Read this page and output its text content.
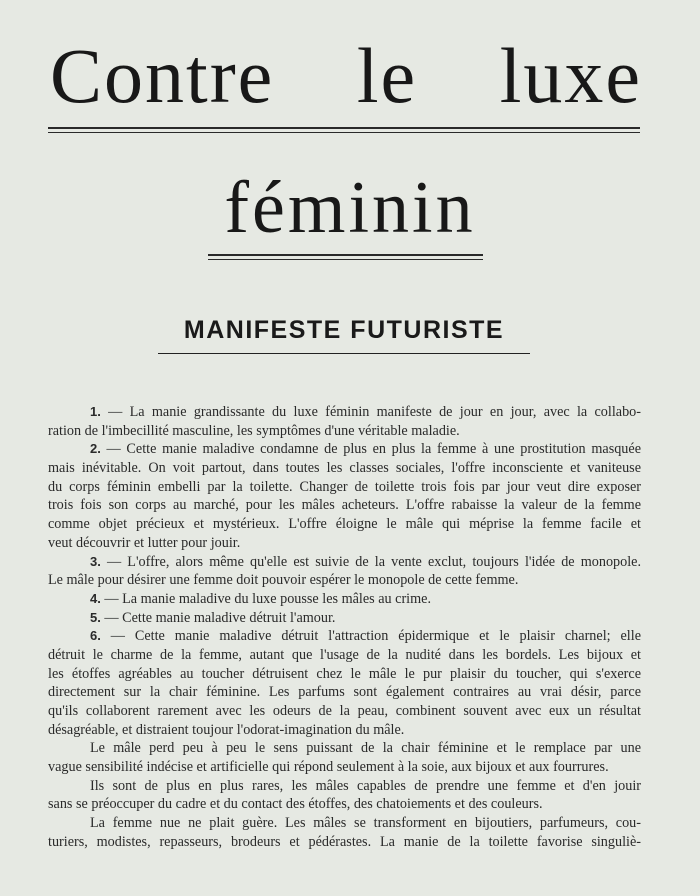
Contre le luxe
féminin
MANIFESTE FUTURISTE
1. — La manie grandissante du luxe féminin manifeste de jour en jour, avec la collabo-
ration de l'imbecillité masculine, les symptômes d'une véritable maladie.
2. — Cette manie maladive condamne de plus en plus la femme à une prostitution masquée
mais inévitable. On voit partout, dans toutes les classes sociales, l'offre inconsciente et vaniteuse
du corps féminin embelli par la toilette. Changer de toilette trois fois par jour veut dire exposer
trois fois son corps au marché, pour les mâles acheteurs. L'offre rabaisse la valeur de la femme
comme objet précieux et mystérieux. L'offre éloigne le mâle qui méprise la femme facile et
veut découvrir et lutter pour jouir.
3. — L'offre, alors même qu'elle est suivie de la vente exclut, toujours l'idée de monopole.
Le mâle pour désirer une femme doit pouvoir espérer le monopole de cette femme.
4. — La manie maladive du luxe pousse les mâles au crime.
5. — Cette manie maladive détruit l'amour.
6. — Cette manie maladive détruit l'attraction épidermique et le plaisir charnel; elle
détruit le charme de la femme, autant que l'usage de la nudité dans les bordels. Les bijoux et
les étoffes agréables au toucher détruisent chez le mâle le pur plaisir du toucher, qui s'exerce
directement sur la chair féminine. Les parfums sont également contraires au vrai désir, parce
qu'ils collaborent rarement avec les odeurs de la peau, combinent souvent avec eux un résultat
désagréable, et distraient toujour l'odorat-imagination du mâle.
Le mâle perd peu à peu le sens puissant de la chair féminine et le remplace par une
vague sensibilité indécise et artificielle qui répond seulement à la soie, aux bijoux et aux fourrures.
Ils sont de plus en plus rares, les mâles capables de prendre une femme et d'en jouir
sans se préoccuper du cadre et du contact des étoffes, des chatoiements et des couleurs.
La femme nue ne plait guère. Les mâles se transforment en bijoutiers, parfumeurs, cou-
turiers, modistes, repasseurs, brodeurs et pédérastes. La manie de la toilette favorise singuliè-
